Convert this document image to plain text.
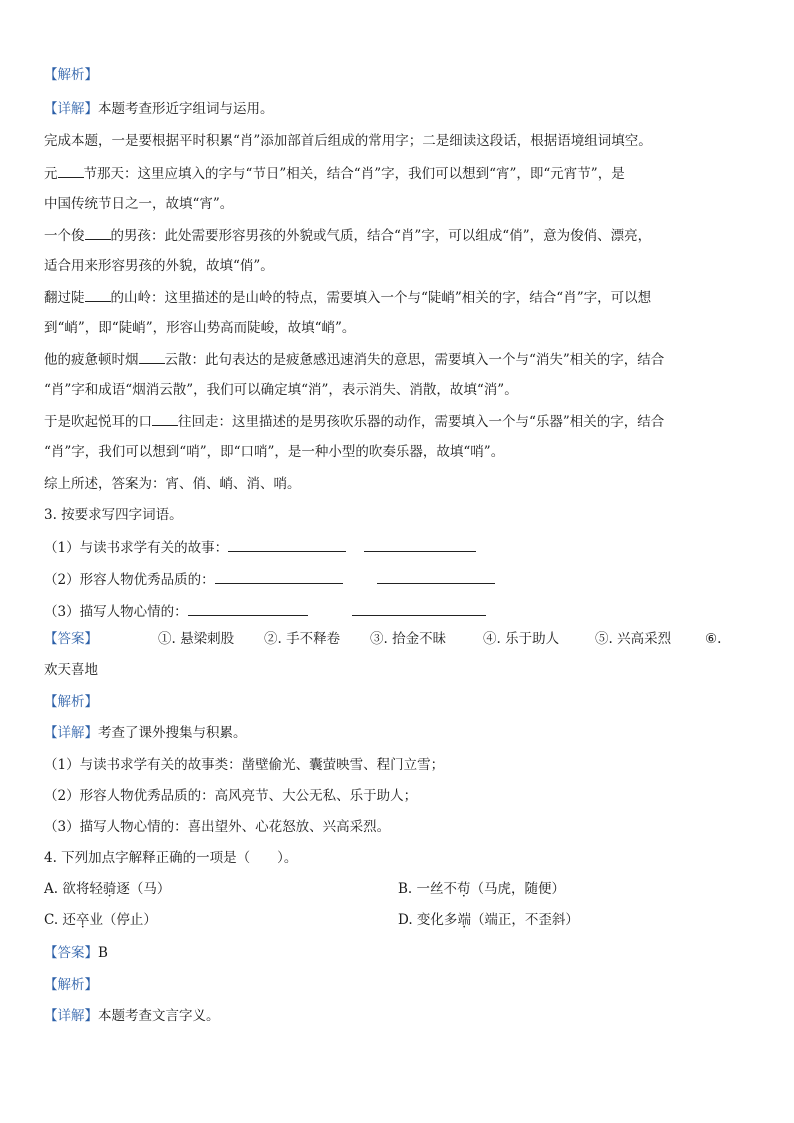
【解析】
【详解】本题考查形近字组词与运用。
完成本题，一是要根据平时积累“肖”添加部首后组成的常用字；二是细读这段话，根据语境组词填空。
元 节那天：这里应填入的字与“节日”相关，结合“肖”字，我们可以想到“宵”，即“元宵节”，是
中国传统节日之一，故填“宵”。
一个俊 的男孩：此处需要形容男孩的外貌或气质，结合“肖”字，可以组成“俏”，意为俊俏、漂亮，
适合用来形容男孩的外貌，故填“俏”。
翻过陡 的山岭：这里描述的是山岭的特点，需要填入一个与“陡峭”相关的字，结合“肖”字，可以想
到“峭”，即“陡峭”，形容山势高而陡峻，故填“峭”。
他的疲惫顿时烟 云散：此句表达的是疲惫感迅速消失的意思，需要填入一个与“消失”相关的字，结合
“肖”字和成语“烟消云散”，我们可以确定填“消”，表示消失、消散，故填“消”。
于是吹起悦耳的口 往回走：这里描述的是男孩吹乐器的动作，需要填入一个与“乐器”相关的字，结合
“肖”字，我们可以想到“哨”，即“口哨”，是一种小型的吹奏乐器，故填“哨”。
综上所述，答案为：宵、俏、峭、消、哨。
3. 按要求写四字词语。
（1）与读书求学有关的故事：
（2）形容人物优秀品质的：
（3）描写人物心情的：
【答案】	①. 悬梁刺股 ②. 手不释卷 ③. 拾金不昧	④. 乐于助人	⑤. 兴高采烈	⑥.
欢天喜地
【解析】
【详解】考查了课外搜集与积累。
（1）与读书求学有关的故事类：凿壁偷光、囊萤映雪、程门立雪；
（2）形容人物优秀品质的：高风亮节、大公无私、乐于助人；
（3）描写人物心情的：喜出望外、心花怒放、兴高采烈。
4. 下列加点字解释正确的一项是（　　）。
A. 欲将轻骑逐（马）	B. 一丝不苟（马虎，随便）
C. 还卒业（停止）	D. 变化多端（端正，不歪斜）
【答案】B
【解析】
【详解】本题考查文言字义。
